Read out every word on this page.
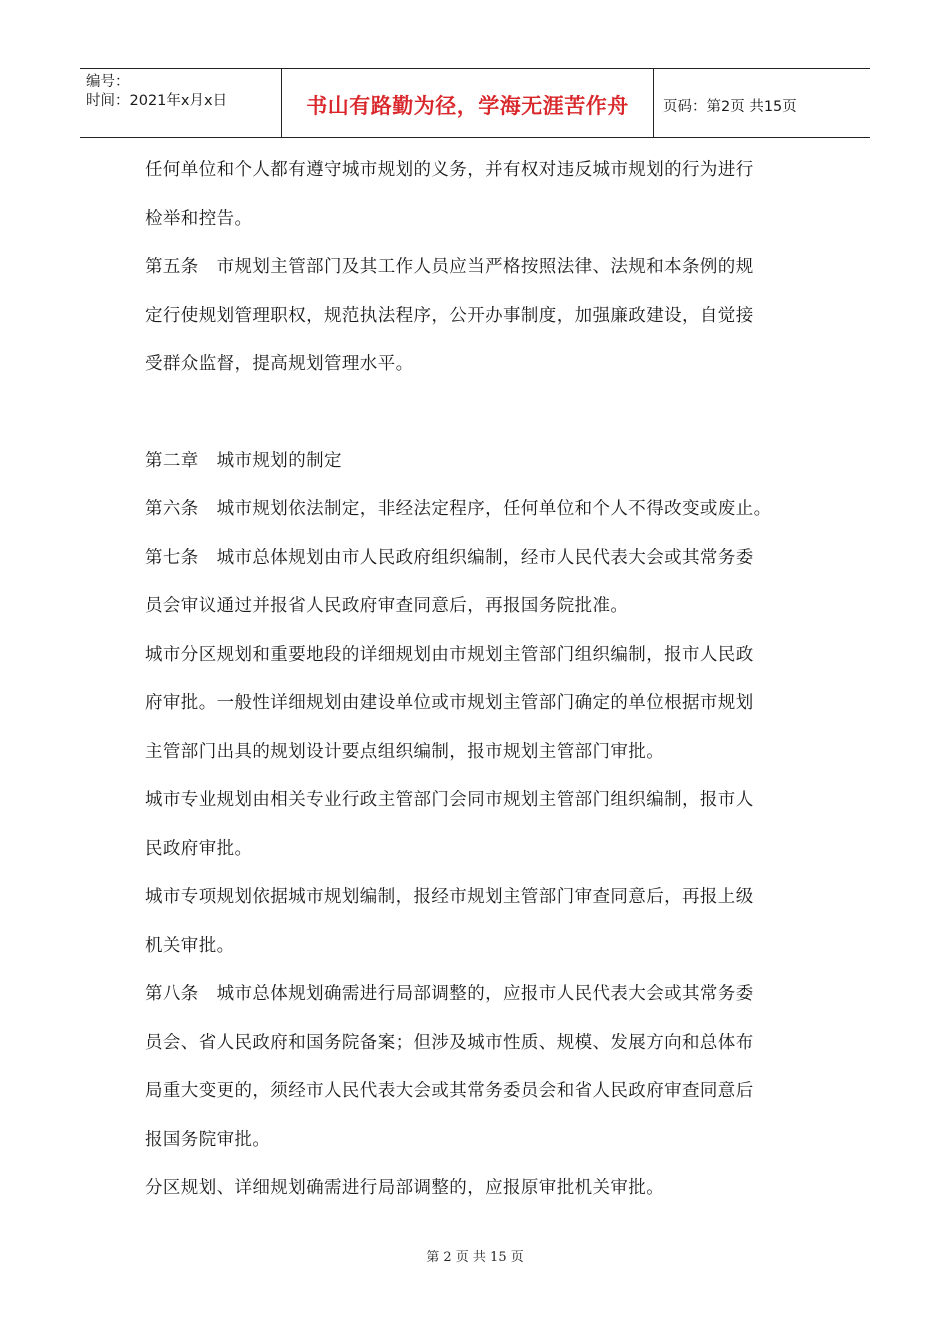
编号：
时间：2021年x月x日	书山有路勤为径，学海无涯苦作舟	页码：第2页 共15页
任何单位和个人都有遵守城市规划的义务，并有权对违反城市规划的行为进行
检举和控告。
第五条　市规划主管部门及其工作人员应当严格按照法律、法规和本条例的规
定行使规划管理职权，规范执法程序，公开办事制度，加强廉政建设，自觉接
受群众监督，提高规划管理水平。
第二章　城市规划的制定
第六条　城市规划依法制定，非经法定程序，任何单位和个人不得改变或废止。
第七条　城市总体规划由市人民政府组织编制，经市人民代表大会或其常务委
员会审议通过并报省人民政府审查同意后，再报国务院批准。
城市分区规划和重要地段的详细规划由市规划主管部门组织编制，报市人民政
府审批。一般性详细规划由建设单位或市规划主管部门确定的单位根据市规划
主管部门出具的规划设计要点组织编制，报市规划主管部门审批。
城市专业规划由相关专业行政主管部门会同市规划主管部门组织编制，报市人
民政府审批。
城市专项规划依据城市规划编制，报经市规划主管部门审查同意后，再报上级
机关审批。
第八条　城市总体规划确需进行局部调整的，应报市人民代表大会或其常务委
员会、省人民政府和国务院备案；但涉及城市性质、规模、发展方向和总体布
局重大变更的，须经市人民代表大会或其常务委员会和省人民政府审查同意后
报国务院审批。
分区规划、详细规划确需进行局部调整的，应报原审批机关审批。
第 2 页 共 15 页
